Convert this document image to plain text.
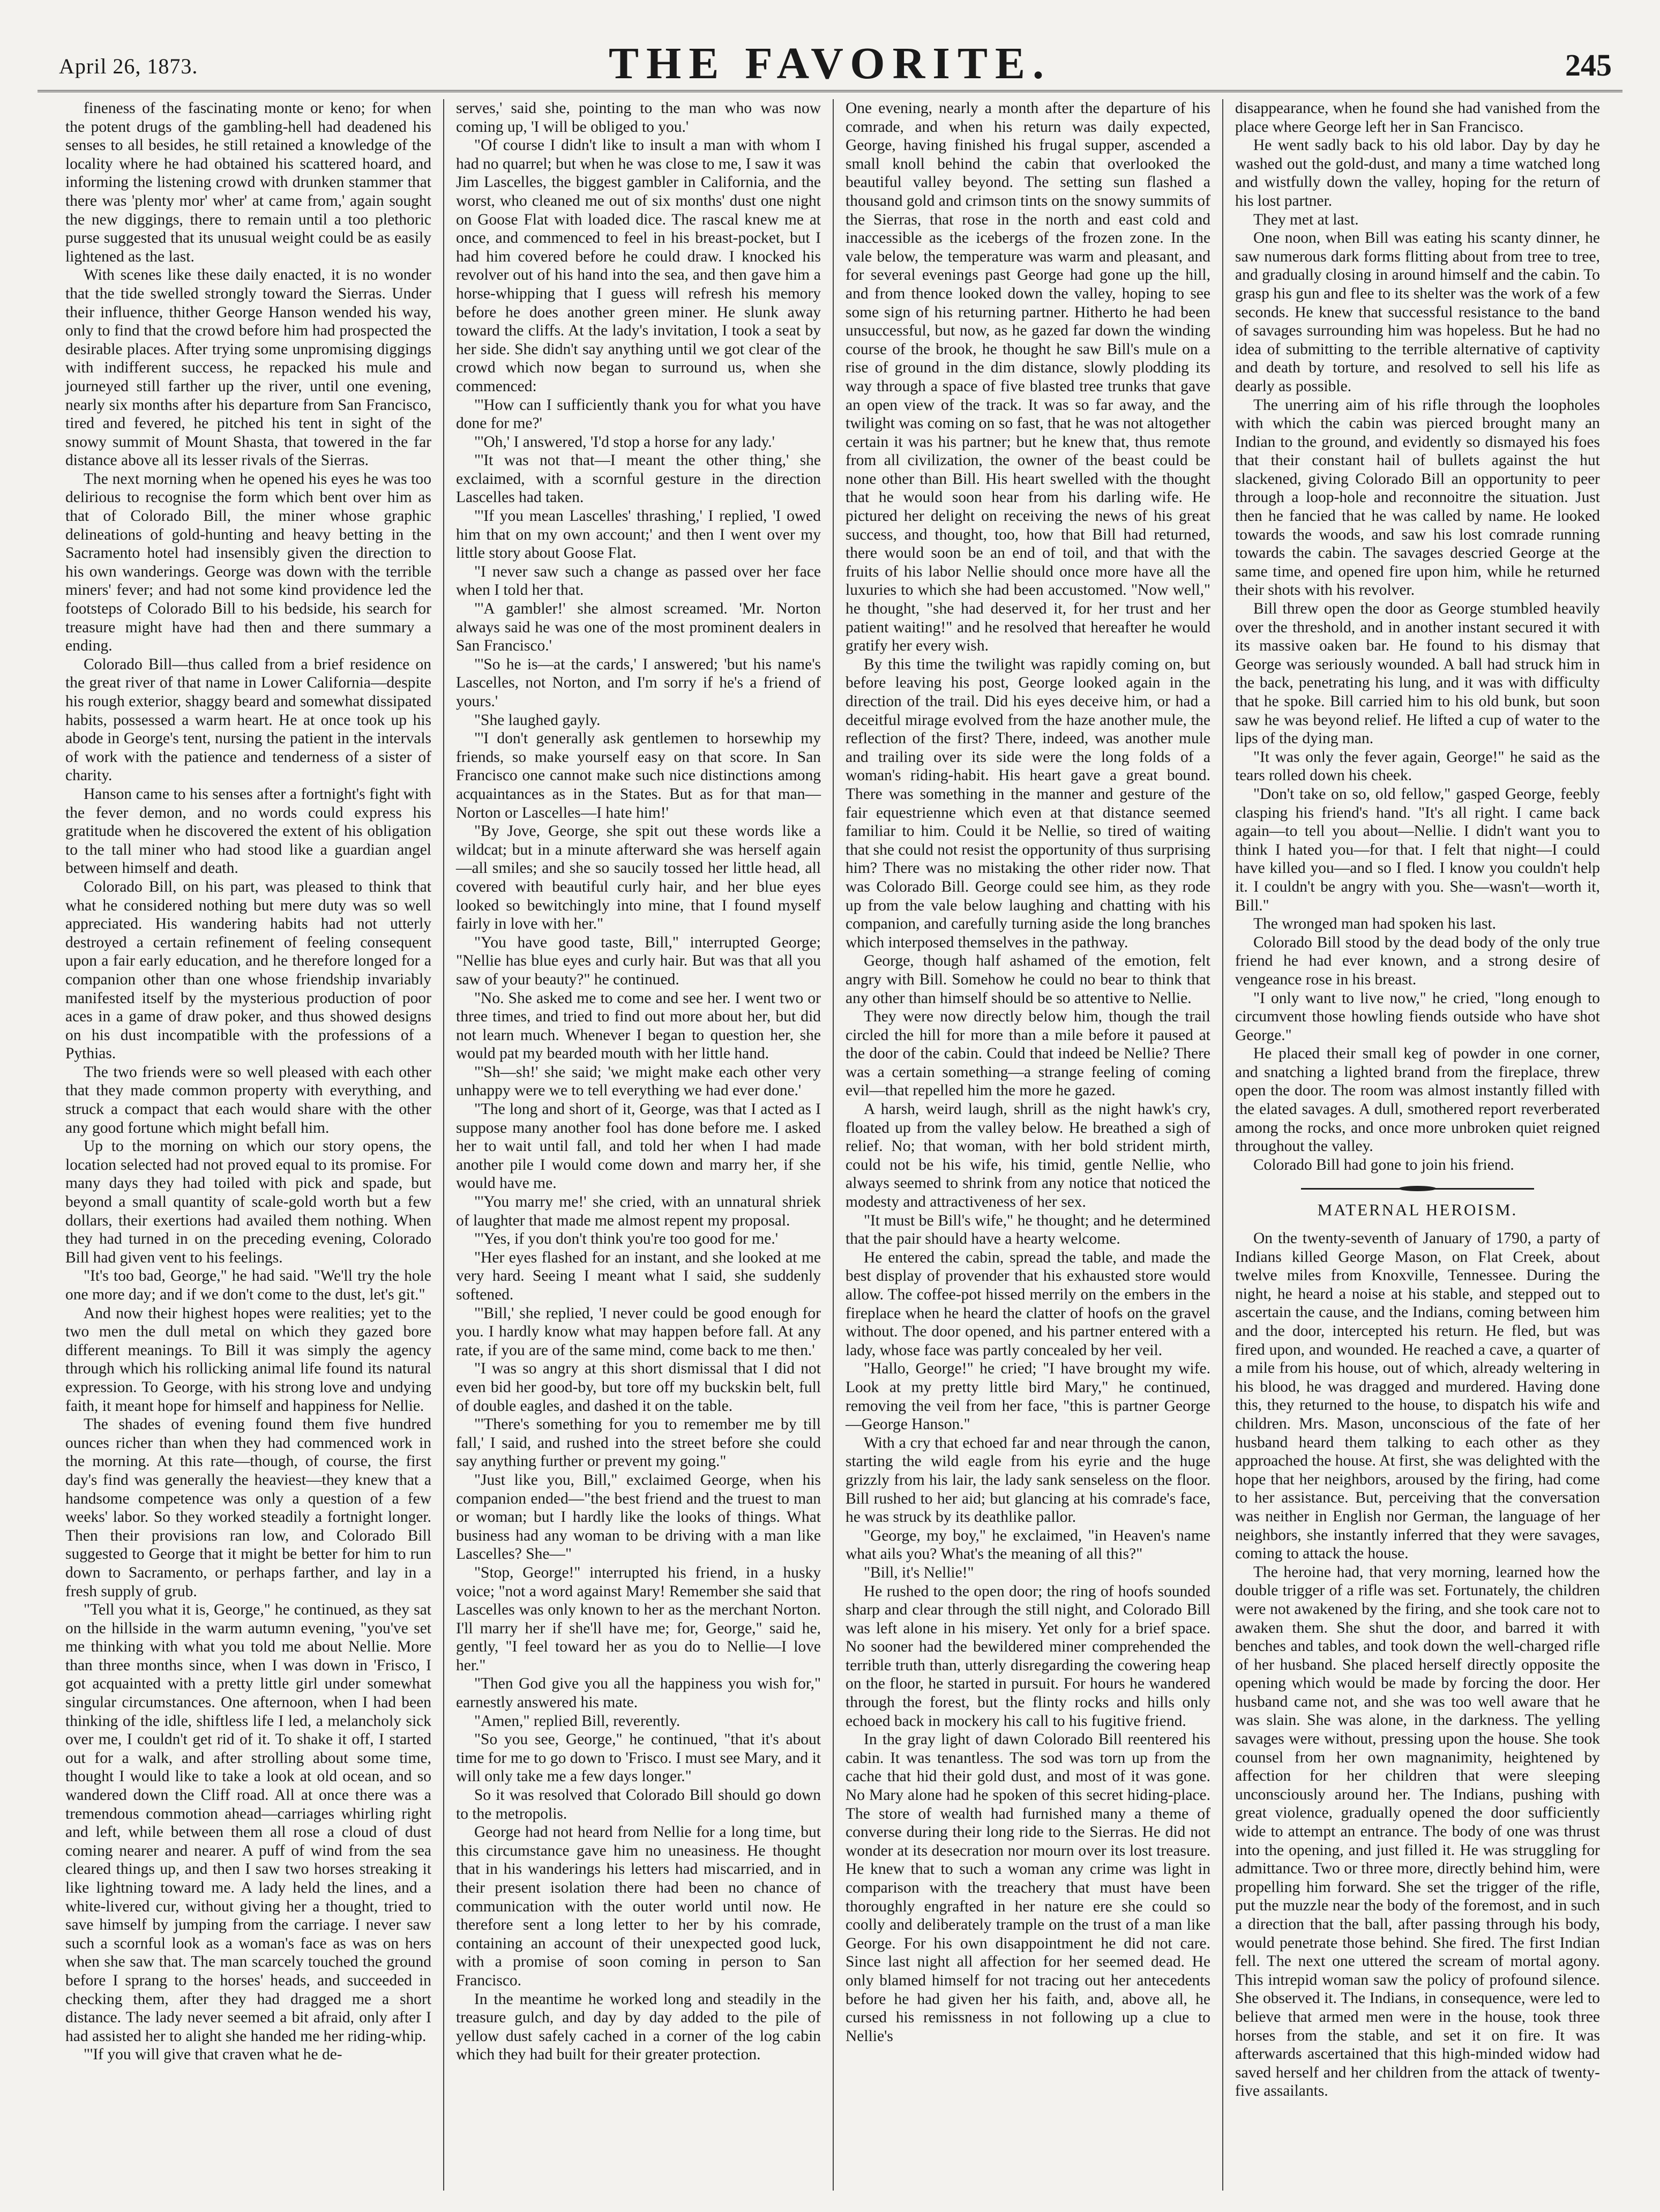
April 26, 1873.	THE FAVORITE.	245

fineness of the fascinating monte or keno; for when the potent drugs of the gambling-hell had deadened his senses to all besides, he still retained a knowledge of the locality where he had obtained his scattered hoard, and informing the listening crowd with drunken stammer that there was 'plenty mor' wher' at came from,' again sought the new diggings, there to remain until a too plethoric purse suggested that its unusual weight could be as easily lightened as the last.

With scenes like these daily enacted, it is no wonder that the tide swelled strongly toward the Sierras. Under their influence, thither George Hanson wended his way, only to find that the crowd before him had prospected the desirable places. After trying some unpromising diggings with indifferent success, he repacked his mule and journeyed still farther up the river, until one evening, nearly six months after his departure from San Francisco, tired and fevered, he pitched his tent in sight of the snowy summit of Mount Shasta, that towered in the far distance above all its lesser rivals of the Sierras.

The next morning when he opened his eyes he was too delirious to recognise the form which bent over him as that of Colorado Bill, the miner whose graphic delineations of gold-hunting and heavy betting in the Sacramento hotel had insensibly given the direction to his own wanderings. George was down with the terrible miners' fever; and had not some kind providence led the footsteps of Colorado Bill to his bedside, his search for treasure might have had then and there summary a ending.

Colorado Bill—thus called from a brief residence on the great river of that name in Lower California—despite his rough exterior, shaggy beard and somewhat dissipated habits, possessed a warm heart. He at once took up his abode in George's tent, nursing the patient in the intervals of work with the patience and tenderness of a sister of charity.

Hanson came to his senses after a fortnight's fight with the fever demon, and no words could express his gratitude when he discovered the extent of his obligation to the tall miner who had stood like a guardian angel between himself and death.

Colorado Bill, on his part, was pleased to think that what he considered nothing but mere duty was so well appreciated. His wandering habits had not utterly destroyed a certain refinement of feeling consequent upon a fair early education, and he therefore longed for a companion other than one whose friendship invariably manifested itself by the mysterious production of poor aces in a game of draw poker, and thus showed designs on his dust incompatible with the professions of a Pythias.

The two friends were so well pleased with each other that they made common property with everything, and struck a compact that each would share with the other any good fortune which might befall him.

Up to the morning on which our story opens, the location selected had not proved equal to its promise. For many days they had toiled with pick and spade, but beyond a small quantity of scale-gold worth but a few dollars, their exertions had availed them nothing. When they had turned in on the preceding evening, Colorado Bill had given vent to his feelings.

"It's too bad, George," he had said. "We'll try the hole one more day; and if we don't come to the dust, let's git."

And now their highest hopes were realities; yet to the two men the dull metal on which they gazed bore different meanings. To Bill it was simply the agency through which his rollicking animal life found its natural expression. To George, with his strong love and undying faith, it meant hope for himself and happiness for Nellie.

The shades of evening found them five hundred ounces richer than when they had commenced work in the morning. At this rate—though, of course, the first day's find was generally the heaviest—they knew that a handsome competence was only a question of a few weeks' labor. So they worked steadily a fortnight longer. Then their provisions ran low, and Colorado Bill suggested to George that it might be better for him to run down to Sacramento, or perhaps farther, and lay in a fresh supply of grub.

"Tell you what it is, George," he continued, as they sat on the hillside in the warm autumn evening, "you've set me thinking with what you told me about Nellie. More than three months since, when I was down in 'Frisco, I got acquainted with a pretty little girl under somewhat singular circumstances. One afternoon, when I had been thinking of the idle, shiftless life I led, a melancholy sick over me, I couldn't get rid of it. To shake it off, I started out for a walk, and after strolling about some time, thought I would like to take a look at old ocean, and so wandered down the Cliff road. All at once there was a tremendous commotion ahead—carriages whirling right and left, while between them all rose a cloud of dust coming nearer and nearer. A puff of wind from the sea cleared things up, and then I saw two horses streaking it like lightning toward me. A lady held the lines, and a white-livered cur, without giving her a thought, tried to save himself by jumping from the carriage. I never saw such a scornful look as a woman's face as was on hers when she saw that. The man scarcely touched the ground before I sprang to the horses' heads, and succeeded in checking them, after they had dragged me a short distance. The lady never seemed a bit afraid, only after I had assisted her to alight she handed me her riding-whip.

"'If you will give that craven what he de-

serves,' said she, pointing to the man who was now coming up, 'I will be obliged to you.'

"Of course I didn't like to insult a man with whom I had no quarrel; but when he was close to me, I saw it was Jim Lascelles, the biggest gambler in California, and the worst, who cleaned me out of six months' dust one night on Goose Flat with loaded dice. The rascal knew me at once, and commenced to feel in his breast-pocket, but I had him covered before he could draw. I knocked his revolver out of his hand into the sea, and then gave him a horse-whipping that I guess will refresh his memory before he does another green miner. He slunk away toward the cliffs. At the lady's invitation, I took a seat by her side. She didn't say anything until we got clear of the crowd which now began to surround us, when she commenced:

"'How can I sufficiently thank you for what you have done for me?'

"'Oh,' I answered, 'I'd stop a horse for any lady.'

"'It was not that—I meant the other thing,' she exclaimed, with a scornful gesture in the direction Lascelles had taken.

"'If you mean Lascelles' thrashing,' I replied, 'I owed him that on my own account;' and then I went over my little story about Goose Flat.

"I never saw such a change as passed over her face when I told her that.

"'A gambler!' she almost screamed. 'Mr. Norton always said he was one of the most prominent dealers in San Francisco.'

"'So he is—at the cards,' I answered; 'but his name's Lascelles, not Norton, and I'm sorry if he's a friend of yours.'

"She laughed gayly.

"'I don't generally ask gentlemen to horsewhip my friends, so make yourself easy on that score. In San Francisco one cannot make such nice distinctions among acquaintances as in the States. But as for that man—Norton or Lascelles—I hate him!'

"By Jove, George, she spit out these words like a wildcat; but in a minute afterward she was herself again—all smiles; and she so saucily tossed her little head, all covered with beautiful curly hair, and her blue eyes looked so bewitchingly into mine, that I found myself fairly in love with her."

"You have good taste, Bill," interrupted George; "Nellie has blue eyes and curly hair. But was that all you saw of your beauty?" he continued.

"No. She asked me to come and see her. I went two or three times, and tried to find out more about her, but did not learn much. Whenever I began to question her, she would pat my bearded mouth with her little hand.

"'Sh—sh!' she said; 'we might make each other very unhappy were we to tell everything we had ever done.'

"The long and short of it, George, was that I acted as I suppose many another fool has done before me. I asked her to wait until fall, and told her when I had made another pile I would come down and marry her, if she would have me.

"'You marry me!' she cried, with an unnatural shriek of laughter that made me almost repent my proposal.

"'Yes, if you don't think you're too good for me.'

"Her eyes flashed for an instant, and she looked at me very hard. Seeing I meant what I said, she suddenly softened.

"'Bill,' she replied, 'I never could be good enough for you. I hardly know what may happen before fall. At any rate, if you are of the same mind, come back to me then.'

"I was so angry at this short dismissal that I did not even bid her good-by, but tore off my buckskin belt, full of double eagles, and dashed it on the table.

"'There's something for you to remember me by till fall,' I said, and rushed into the street before she could say anything further or prevent my going."

"Just like you, Bill," exclaimed George, when his companion ended—"the best friend and the truest to man or woman; but I hardly like the looks of things. What business had any woman to be driving with a man like Lascelles? She—"

"Stop, George!" interrupted his friend, in a husky voice; "not a word against Mary! Remember she said that Lascelles was only known to her as the merchant Norton. I'll marry her if she'll have me; for, George," said he, gently, "I feel toward her as you do to Nellie—I love her."

"Then God give you all the happiness you wish for," earnestly answered his mate.

"Amen," replied Bill, reverently.

"So you see, George," he continued, "that it's about time for me to go down to 'Frisco. I must see Mary, and it will only take me a few days longer."

So it was resolved that Colorado Bill should go down to the metropolis.

George had not heard from Nellie for a long time, but this circumstance gave him no uneasiness. He thought that in his wanderings his letters had miscarried, and in their present isolation there had been no chance of communication with the outer world until now. He therefore sent a long letter to her by his comrade, containing an account of their unexpected good luck, with a promise of soon coming in person to San Francisco.

In the meantime he worked long and steadily in the treasure gulch, and day by day added to the pile of yellow dust safely cached in a corner of the log cabin which they had built for their greater protection.

One evening, nearly a month after the departure of his comrade, and when his return was daily expected, George, having finished his frugal supper, ascended a small knoll behind the cabin that overlooked the beautiful valley beyond. The setting sun flashed a thousand gold and crimson tints on the snowy summits of the Sierras, that rose in the north and east cold and inaccessible as the icebergs of the frozen zone. In the vale below, the temperature was warm and pleasant, and for several evenings past George had gone up the hill, and from thence looked down the valley, hoping to see some sign of his returning partner. Hitherto he had been unsuccessful, but now, as he gazed far down the winding course of the brook, he thought he saw Bill's mule on a rise of ground in the dim distance, slowly plodding its way through a space of five blasted tree trunks that gave an open view of the track. It was so far away, and the twilight was coming on so fast, that he was not altogether certain it was his partner; but he knew that, thus remote from all civilization, the owner of the beast could be none other than Bill. His heart swelled with the thought that he would soon hear from his darling wife. He pictured her delight on receiving the news of his great success, and thought, too, how that Bill had returned, there would soon be an end of toil, and that with the fruits of his labor Nellie should once more have all the luxuries to which she had been accustomed. "Now well," he thought, "she had deserved it, for her trust and her patient waiting!" and he resolved that hereafter he would gratify her every wish.

By this time the twilight was rapidly coming on, but before leaving his post, George looked again in the direction of the trail. Did his eyes deceive him, or had a deceitful mirage evolved from the haze another mule, the reflection of the first? There, indeed, was another mule and trailing over its side were the long folds of a woman's riding-habit. His heart gave a great bound. There was something in the manner and gesture of the fair equestrienne which even at that distance seemed familiar to him. Could it be Nellie, so tired of waiting that she could not resist the opportunity of thus surprising him? There was no mistaking the other rider now. That was Colorado Bill. George could see him, as they rode up from the vale below laughing and chatting with his companion, and carefully turning aside the long branches which interposed themselves in the pathway.

George, though half ashamed of the emotion, felt angry with Bill. Somehow he could no bear to think that any other than himself should be so attentive to Nellie.

They were now directly below him, though the trail circled the hill for more than a mile before it paused at the door of the cabin. Could that indeed be Nellie? There was a certain something—a strange feeling of coming evil—that repelled him the more he gazed.

A harsh, weird laugh, shrill as the night hawk's cry, floated up from the valley below. He breathed a sigh of relief. No; that woman, with her bold strident mirth, could not be his wife, his timid, gentle Nellie, who always seemed to shrink from any notice that noticed the modesty and attractiveness of her sex.

"It must be Bill's wife," he thought; and he determined that the pair should have a hearty welcome.

He entered the cabin, spread the table, and made the best display of provender that his exhausted store would allow. The coffee-pot hissed merrily on the embers in the fireplace when he heard the clatter of hoofs on the gravel without. The door opened, and his partner entered with a lady, whose face was partly concealed by her veil.

"Hallo, George!" he cried; "I have brought my wife. Look at my pretty little bird Mary," he continued, removing the veil from her face, "this is partner George—George Hanson."

With a cry that echoed far and near through the canon, starting the wild eagle from his eyrie and the huge grizzly from his lair, the lady sank senseless on the floor. Bill rushed to her aid; but glancing at his comrade's face, he was struck by its deathlike pallor.

"George, my boy," he exclaimed, "in Heaven's name what ails you? What's the meaning of all this?"

"Bill, it's Nellie!"

He rushed to the open door; the ring of hoofs sounded sharp and clear through the still night, and Colorado Bill was left alone in his misery. Yet only for a brief space. No sooner had the bewildered miner comprehended the terrible truth than, utterly disregarding the cowering heap on the floor, he started in pursuit. For hours he wandered through the forest, but the flinty rocks and hills only echoed back in mockery his call to his fugitive friend.

In the gray light of dawn Colorado Bill reentered his cabin. It was tenantless. The sod was torn up from the cache that hid their gold dust, and most of it was gone. No Mary alone had he spoken of this secret hiding-place. The store of wealth had furnished many a theme of converse during their long ride to the Sierras. He did not wonder at its desecration nor mourn over its lost treasure. He knew that to such a woman any crime was light in comparison with the treachery that must have been thoroughly engrafted in her nature ere she could so coolly and deliberately trample on the trust of a man like George. For his own disappointment he did not care. Since last night all affection for her seemed dead. He only blamed himself for not tracing out her antecedents before he had given her his faith, and, above all, he cursed his remissness in not following up a clue to Nellie's

disappearance, when he found she had vanished from the place where George left her in San Francisco.

He went sadly back to his old labor. Day by day he washed out the gold-dust, and many a time watched long and wistfully down the valley, hoping for the return of his lost partner.

They met at last.

One noon, when Bill was eating his scanty dinner, he saw numerous dark forms flitting about from tree to tree, and gradually closing in around himself and the cabin. To grasp his gun and flee to its shelter was the work of a few seconds. He knew that successful resistance to the band of savages surrounding him was hopeless. But he had no idea of submitting to the terrible alternative of captivity and death by torture, and resolved to sell his life as dearly as possible.

The unerring aim of his rifle through the loopholes with which the cabin was pierced brought many an Indian to the ground, and evidently so dismayed his foes that their constant hail of bullets against the hut slackened, giving Colorado Bill an opportunity to peer through a loop-hole and reconnoitre the situation. Just then he fancied that he was called by name. He looked towards the woods, and saw his lost comrade running towards the cabin. The savages descried George at the same time, and opened fire upon him, while he returned their shots with his revolver.

Bill threw open the door as George stumbled heavily over the threshold, and in another instant secured it with its massive oaken bar. He found to his dismay that George was seriously wounded. A ball had struck him in the back, penetrating his lung, and it was with difficulty that he spoke. Bill carried him to his old bunk, but soon saw he was beyond relief. He lifted a cup of water to the lips of the dying man.

"It was only the fever again, George!" he said as the tears rolled down his cheek.

"Don't take on so, old fellow," gasped George, feebly clasping his friend's hand. "It's all right. I came back again—to tell you about—Nellie. I didn't want you to think I hated you—for that. I felt that night—I could have killed you—and so I fled. I know you couldn't help it. I couldn't be angry with you. She—wasn't—worth it, Bill."

The wronged man had spoken his last.

Colorado Bill stood by the dead body of the only true friend he had ever known, and a strong desire of vengeance rose in his breast.

"I only want to live now," he cried, "long enough to circumvent those howling fiends outside who have shot George."

He placed their small keg of powder in one corner, and snatching a lighted brand from the fireplace, threw open the door. The room was almost instantly filled with the elated savages. A dull, smothered report reverberated among the rocks, and once more unbroken quiet reigned throughout the valley.

Colorado Bill had gone to join his friend.

MATERNAL HEROISM.

On the twenty-seventh of January of 1790, a party of Indians killed George Mason, on Flat Creek, about twelve miles from Knoxville, Tennessee. During the night, he heard a noise at his stable, and stepped out to ascertain the cause, and the Indians, coming between him and the door, intercepted his return. He fled, but was fired upon, and wounded. He reached a cave, a quarter of a mile from his house, out of which, already weltering in his blood, he was dragged and murdered. Having done this, they returned to the house, to dispatch his wife and children. Mrs. Mason, unconscious of the fate of her husband heard them talking to each other as they approached the house. At first, she was delighted with the hope that her neighbors, aroused by the firing, had come to her assistance. But, perceiving that the conversation was neither in English nor German, the language of her neighbors, she instantly inferred that they were savages, coming to attack the house.

The heroine had, that very morning, learned how the double trigger of a rifle was set. Fortunately, the children were not awakened by the firing, and she took care not to awaken them. She shut the door, and barred it with benches and tables, and took down the well-charged rifle of her husband. She placed herself directly opposite the opening which would be made by forcing the door. Her husband came not, and she was too well aware that he was slain. She was alone, in the darkness. The yelling savages were without, pressing upon the house. She took counsel from her own magnanimity, heightened by affection for her children that were sleeping unconsciously around her. The Indians, pushing with great violence, gradually opened the door sufficiently wide to attempt an entrance. The body of one was thrust into the opening, and just filled it. He was struggling for admittance. Two or three more, directly behind him, were propelling him forward. She set the trigger of the rifle, put the muzzle near the body of the foremost, and in such a direction that the ball, after passing through his body, would penetrate those behind. She fired. The first Indian fell. The next one uttered the scream of mortal agony. This intrepid woman saw the policy of profound silence. She observed it. The Indians, in consequence, were led to believe that armed men were in the house, took three horses from the stable, and set it on fire. It was afterwards ascertained that this high-minded widow had saved herself and her children from the attack of twenty-five assailants.
